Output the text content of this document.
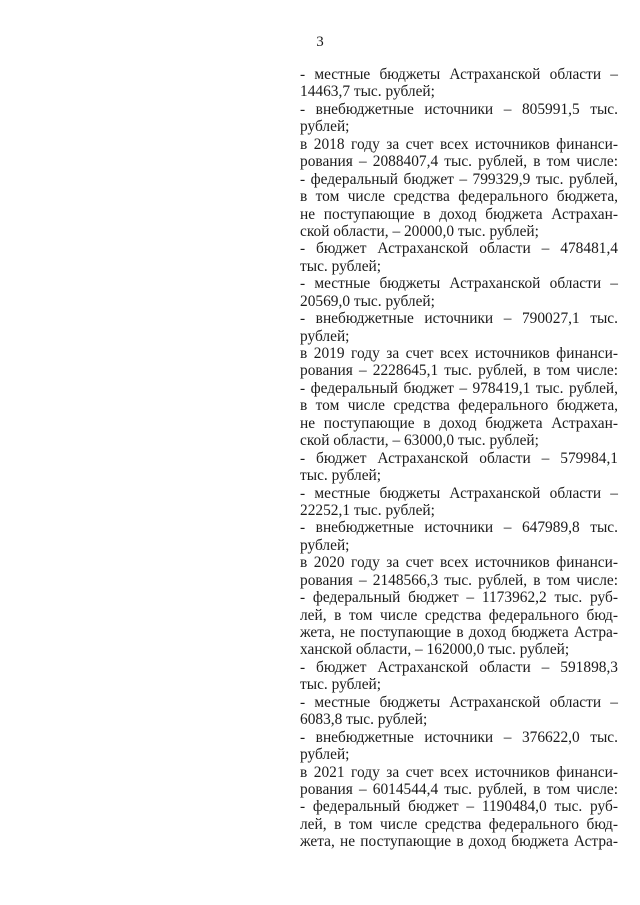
3
- местные бюджеты Астраханской области –
14463,7 тыс. рублей;
- внебюджетные источники – 805991,5 тыс.
рублей;
в 2018 году за счет всех источников финанси-
рования – 2088407,4 тыс. рублей, в том числе:
- федеральный бюджет – 799329,9 тыс. рублей,
в том числе средства федерального бюджета,
не поступающие в доход бюджета Астрахан-
ской области, – 20000,0 тыс. рублей;
- бюджет Астраханской области – 478481,4
тыс. рублей;
- местные бюджеты Астраханской области –
20569,0 тыс. рублей;
- внебюджетные источники – 790027,1 тыс.
рублей;
в 2019 году за счет всех источников финанси-
рования – 2228645,1 тыс. рублей, в том числе:
- федеральный бюджет – 978419,1 тыс. рублей,
в том числе средства федерального бюджета,
не поступающие в доход бюджета Астрахан-
ской области, – 63000,0 тыс. рублей;
- бюджет Астраханской области – 579984,1
тыс. рублей;
- местные бюджеты Астраханской области –
22252,1 тыс. рублей;
- внебюджетные источники – 647989,8 тыс.
рублей;
в 2020 году за счет всех источников финанси-
рования – 2148566,3 тыс. рублей, в том числе:
- федеральный бюджет – 1173962,2 тыс. руб-
лей, в том числе средства федерального бюд-
жета, не поступающие в доход бюджета Астра-
ханской области, – 162000,0 тыс. рублей;
- бюджет Астраханской области – 591898,3
тыс. рублей;
- местные бюджеты Астраханской области –
6083,8 тыс. рублей;
- внебюджетные источники – 376622,0 тыс.
рублей;
в 2021 году за счет всех источников финанси-
рования – 6014544,4 тыс. рублей, в том числе:
- федеральный бюджет – 1190484,0 тыс. руб-
лей, в том числе средства федерального бюд-
жета, не поступающие в доход бюджета Астра-
